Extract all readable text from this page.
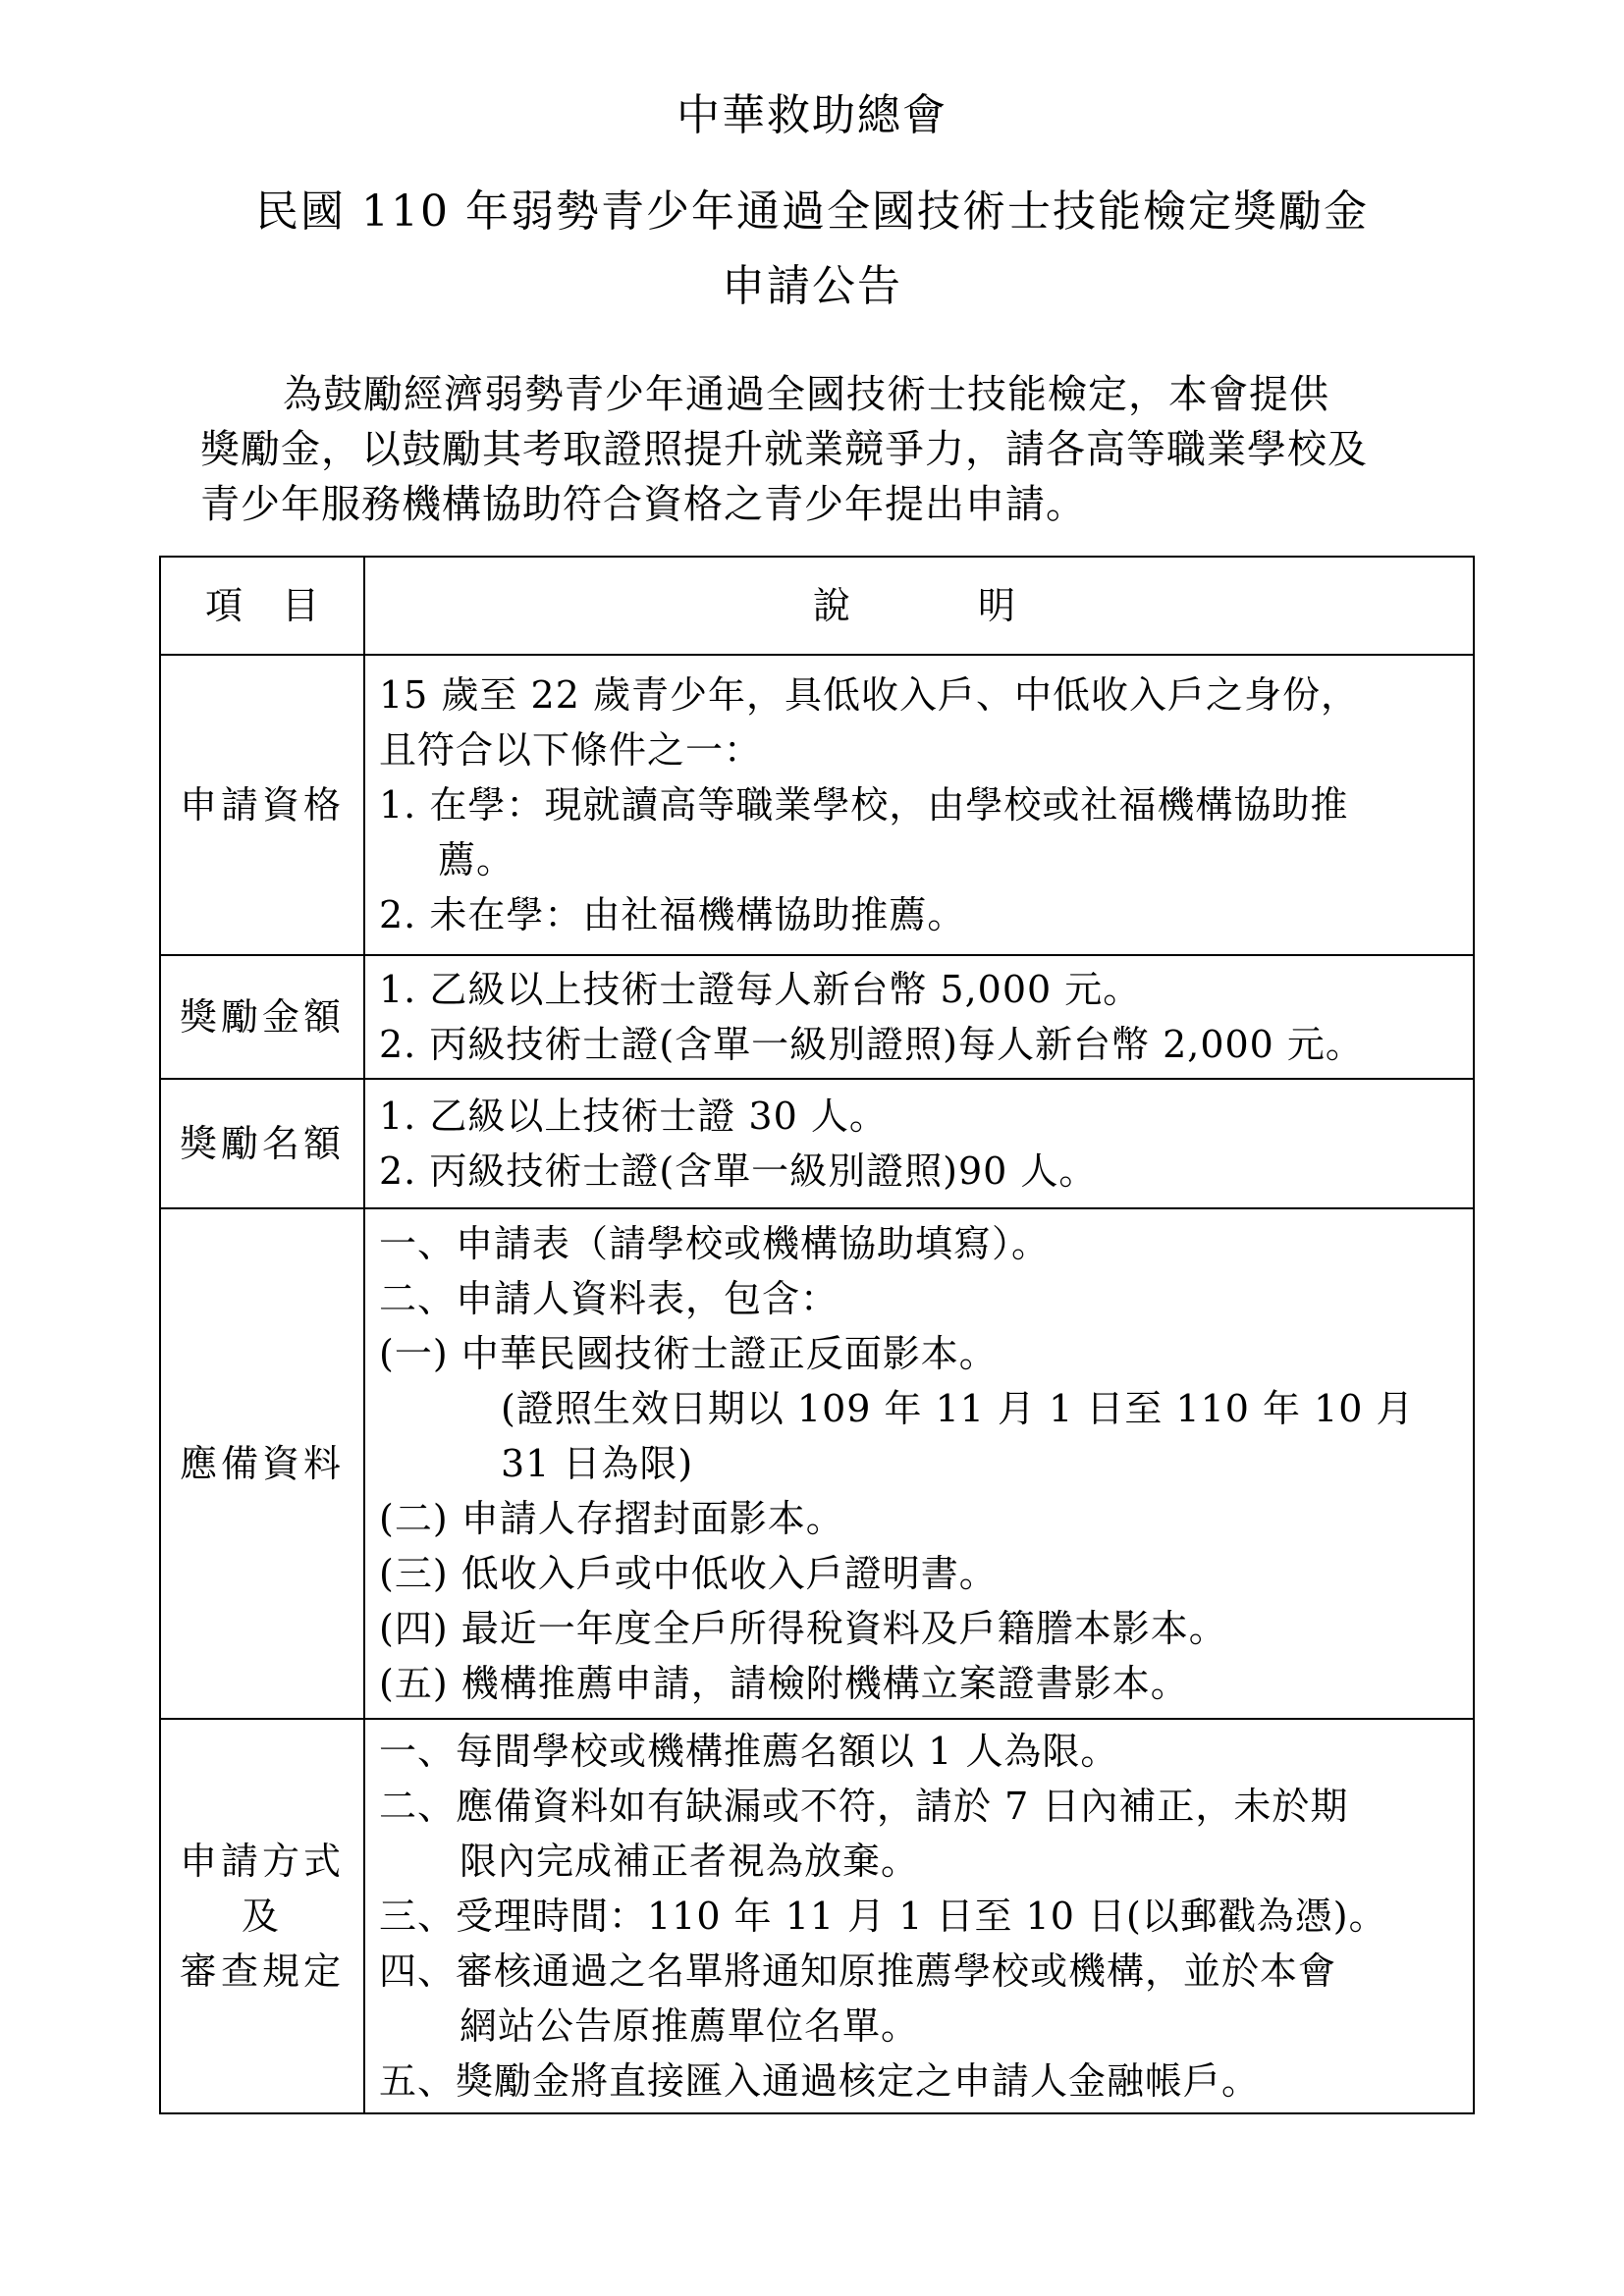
中華救助總會
民國 110 年弱勢青少年通過全國技術士技能檢定獎勵金
申請公告
為鼓勵經濟弱勢青少年通過全國技術士技能檢定，本會提供
獎勵金，以鼓勵其考取證照提升就業競爭力，請各高等職業學校及
青少年服務機構協助符合資格之青少年提出申請。
項目	說明
申請資格
15 歲至 22 歲青少年，具低收入戶、中低收入戶之身份，
且符合以下條件之一：
1. 在學：現就讀高等職業學校，由學校或社福機構協助推
薦。
2. 未在學：由社福機構協助推薦。
獎勵金額
1. 乙級以上技術士證每人新台幣 5,000 元。
2. 丙級技術士證(含單一級別證照)每人新台幣 2,000 元。
獎勵名額
1. 乙級以上技術士證 30 人。
2. 丙級技術士證(含單一級別證照)90 人。
應備資料
一、申請表（請學校或機構協助填寫）。
二、申請人資料表，包含：
(一) 中華民國技術士證正反面影本。
(證照生效日期以 109 年 11 月 1 日至 110 年 10 月
31 日為限)
(二) 申請人存摺封面影本。
(三) 低收入戶或中低收入戶證明書。
(四) 最近一年度全戶所得稅資料及戶籍謄本影本。
(五) 機構推薦申請，請檢附機構立案證書影本。
申請方式
及
審查規定
一、每間學校或機構推薦名額以 1 人為限。
二、應備資料如有缺漏或不符，請於 7 日內補正，未於期
限內完成補正者視為放棄。
三、受理時間：110 年 11 月 1 日至 10 日(以郵戳為憑)。
四、審核通過之名單將通知原推薦學校或機構，並於本會
網站公告原推薦單位名單。
五、獎勵金將直接匯入通過核定之申請人金融帳戶。
